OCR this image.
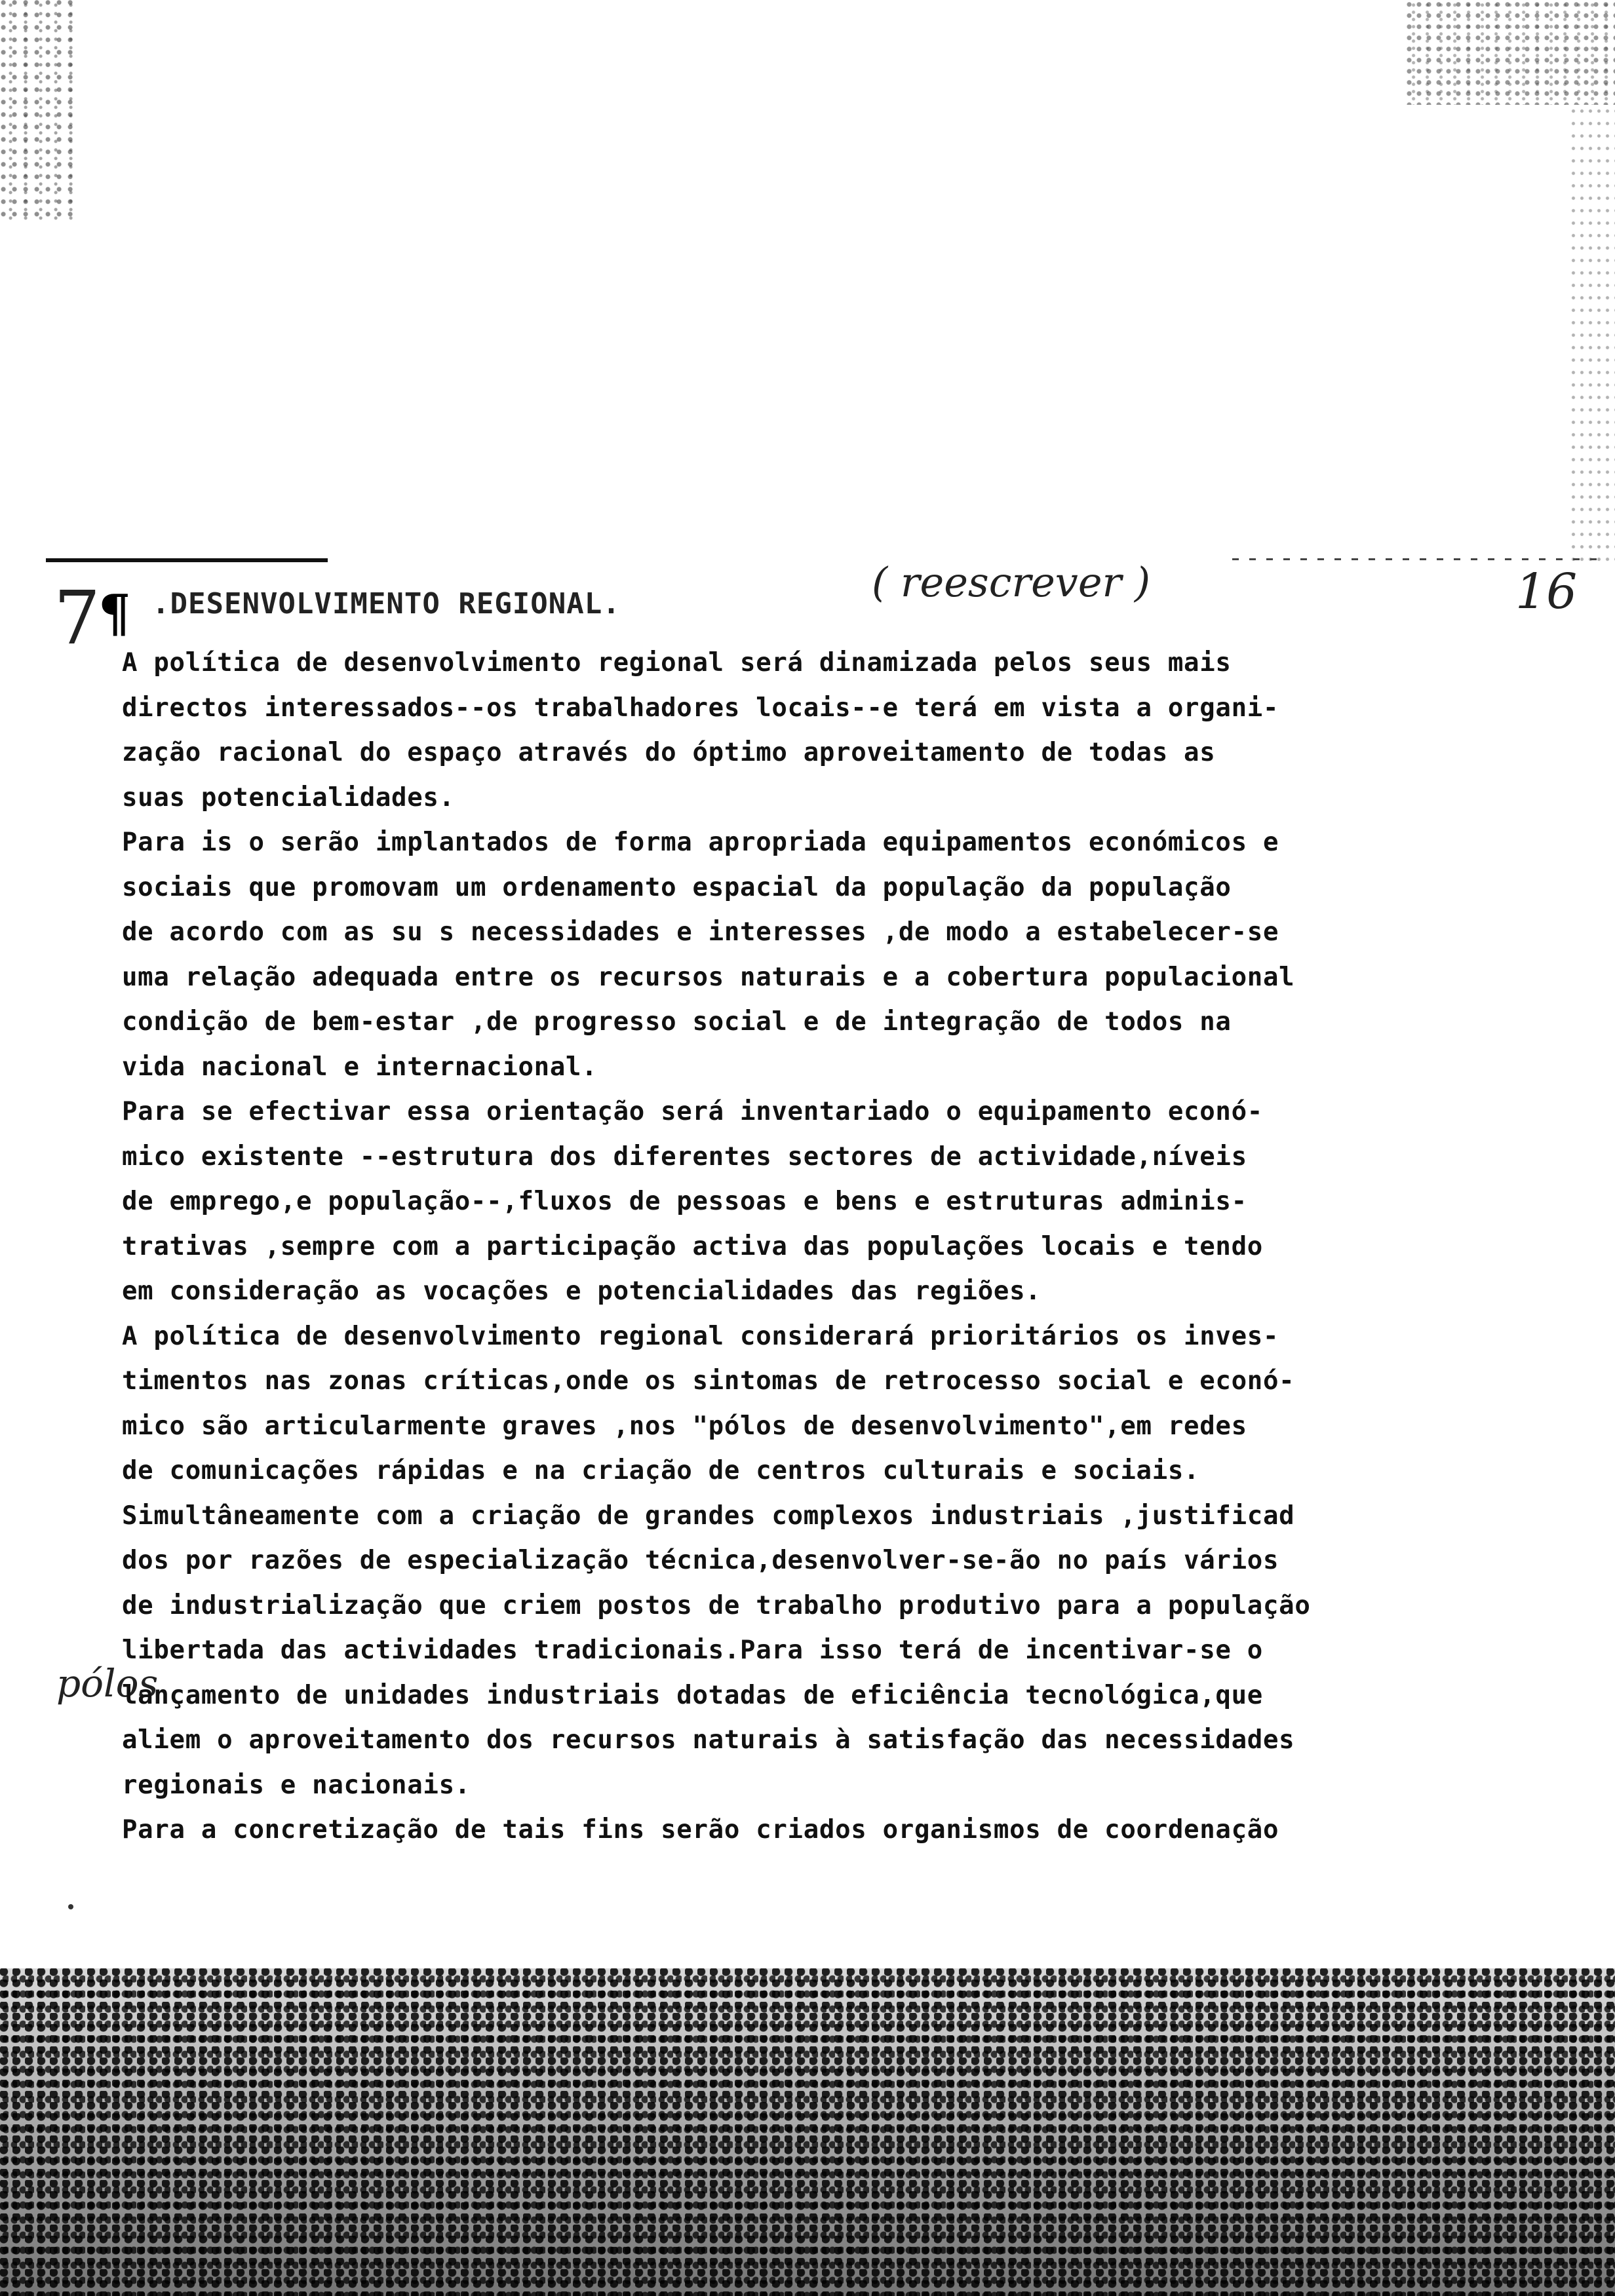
7
¶
( reescrever )	16
pólos
.DESENVOLVIMENTO REGIONAL.
A política de desenvolvimento regional será dinamizada pelos seus mais
directos interessados--os trabalhadores locais--e terá em vista a organi-
zação racional do espaço através do óptimo aproveitamento de todas as
suas potencialidades.
Para is o serão implantados de forma apropriada equipamentos económicos e
sociais que promovam um ordenamento espacial da população da população
de acordo com as su s necessidades e interesses ,de modo a estabelecer-se
uma relação adequada entre os recursos naturais e a cobertura populacional
condição de bem-estar ,de progresso social e de integração de todos na
vida nacional e internacional.
Para se efectivar essa orientação será inventariado o equipamento econó-
mico existente --estrutura dos diferentes sectores de actividade,níveis
de emprego,e população--,fluxos de pessoas e bens e estruturas adminis-
trativas ,sempre com a participação activa das populações locais e tendo
em consideração as vocações e potencialidades das regiões.
A política de desenvolvimento regional considerará prioritários os inves-
timentos nas zonas críticas,onde os sintomas de retrocesso social e econó-
mico são articularmente graves ,nos "pólos de desenvolvimento",em redes
de comunicações rápidas e na criação de centros culturais e sociais.
Simultâneamente com a criação de grandes complexos industriais ,justificad
dos por razões de especialização técnica,desenvolver-se-ão no país vários
de industrialização que criem postos de trabalho produtivo para a população
libertada das actividades tradicionais.Para isso terá de incentivar-se o
lançamento de unidades industriais dotadas de eficiência tecnológica,que
aliem o aproveitamento dos recursos naturais à satisfação das necessidades
regionais e nacionais.
Para a concretização de tais fins serão criados organismos de coordenação
